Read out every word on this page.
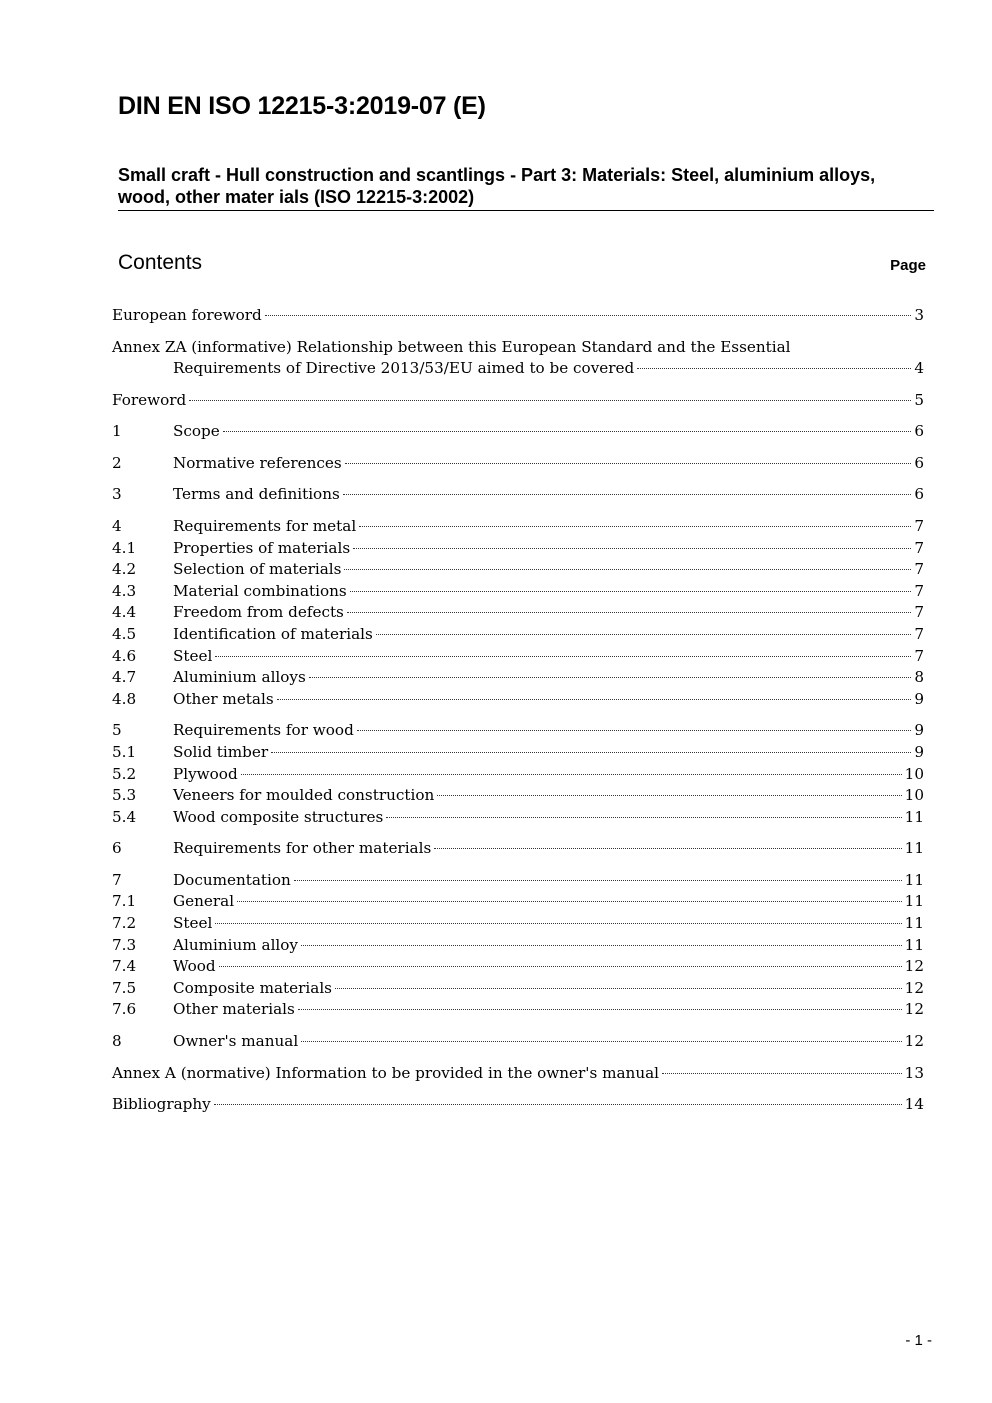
DIN EN ISO 12215-3:2019-07 (E)
Small craft - Hull construction and scantlings - Part 3: Materials: Steel, aluminium alloys, wood, other mater ials (ISO 12215-3:2002)
Contents	Page
European foreword	3
Annex ZA (informative) Relationship between this European Standard and the Essential
Requirements of Directive 2013/53/EU aimed to be covered	4
Foreword	5
1	Scope	6
2	Normative references	6
3	Terms and definitions	6
4	Requirements for metal	7
4.1 Properties of materials	7
4.2 Selection of materials	7
4.3 Material combinations	7
4.4 Freedom from defects	7
4.5 Identification of materials	7
4.6 Steel	7
4.7 Aluminium alloys	8
4.8 Other metals	9
5	Requirements for wood	9
5.1 Solid timber	9
5.2 Plywood	10
5.3 Veneers for moulded construction	10
5.4 Wood composite structures	11
6	Requirements for other materials	11
7	Documentation	11
7.1 General	11
7.2 Steel	11
7.3 Aluminium alloy	11
7.4 Wood	12
7.5 Composite materials	12
7.6 Other materials	12
8	Owner's manual	12
Annex A (normative) Information to be provided in the owner's manual	13
Bibliography	14
- 1 -
